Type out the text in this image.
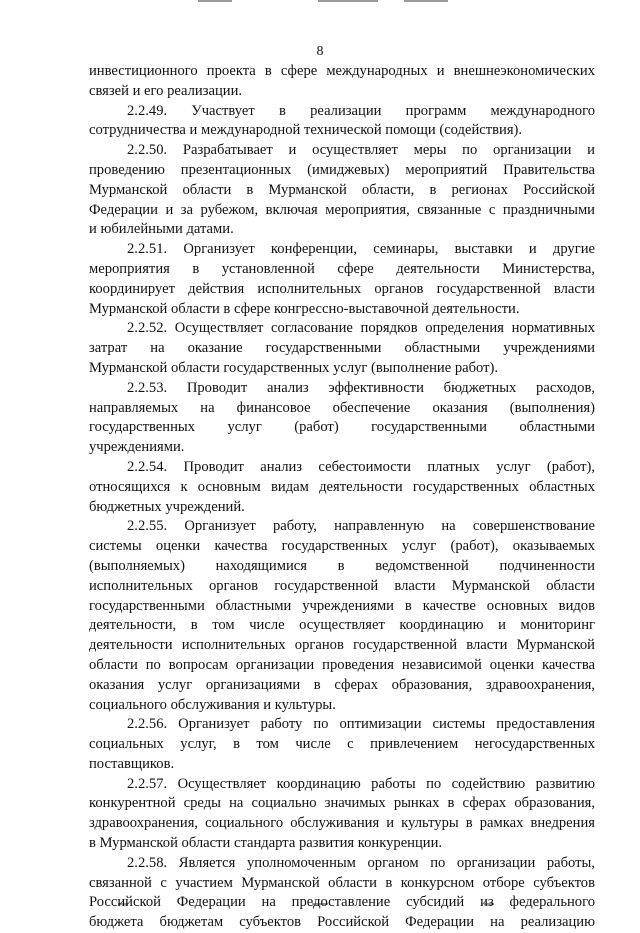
8

инвестиционного проекта в сфере международных и внешнеэкономических
связей и его реализации.

2.2.49. Участвует в реализации программ международного
сотрудничества и международной технической помощи (содействия).

2.2.50. Разрабатывает и осуществляет меры по организации и
проведению презентационных (имиджевых) мероприятий Правительства
Мурманской области в Мурманской области, в регионах Российской
Федерации и за рубежом, включая мероприятия, связанные с праздничными
и юбилейными датами.

2.2.51. Организует конференции, семинары, выставки и другие
мероприятия в установленной сфере деятельности Министерства,
координирует действия исполнительных органов государственной власти
Мурманской области в сфере конгрессно-выставочной деятельности.

2.2.52. Осуществляет согласование порядков определения нормативных
затрат на оказание государственными областными учреждениями
Мурманской области государственных услуг (выполнение работ).

2.2.53. Проводит анализ эффективности бюджетных расходов,
направляемых на финансовое обеспечение оказания (выполнения)
государственных услуг (работ) государственными областными
учреждениями.

2.2.54. Проводит анализ себестоимости платных услуг (работ),
относящихся к основным видам деятельности государственных областных
бюджетных учреждений.

2.2.55. Организует работу, направленную на совершенствование
системы оценки качества государственных услуг (работ), оказываемых
(выполняемых) находящимися в ведомственной подчиненности
исполнительных органов государственной власти Мурманской области
государственными областными учреждениями в качестве основных видов
деятельности, в том числе осуществляет координацию и мониторинг
деятельности исполнительных органов государственной власти Мурманской
области по вопросам организации проведения независимой оценки качества
оказания услуг организациями в сферах образования, здравоохранения,
социального обслуживания и культуры.

2.2.56. Организует работу по оптимизации системы предоставления
социальных услуг, в том числе с привлечением негосударственных
поставщиков.

2.2.57. Осуществляет координацию работы по содействию развитию
конкурентной среды на социально значимых рынках в сферах образования,
здравоохранения, социального обслуживания и культуры в рамках внедрения
в Мурманской области стандарта развития конкуренции.

2.2.58. Является уполномоченным органом по организации работы,
связанной с участием Мурманской области в конкурсном отборе субъектов
Российской Федерации на предоставление субсидий из федерального
бюджета бюджетам субъектов Российской Федерации на реализацию
